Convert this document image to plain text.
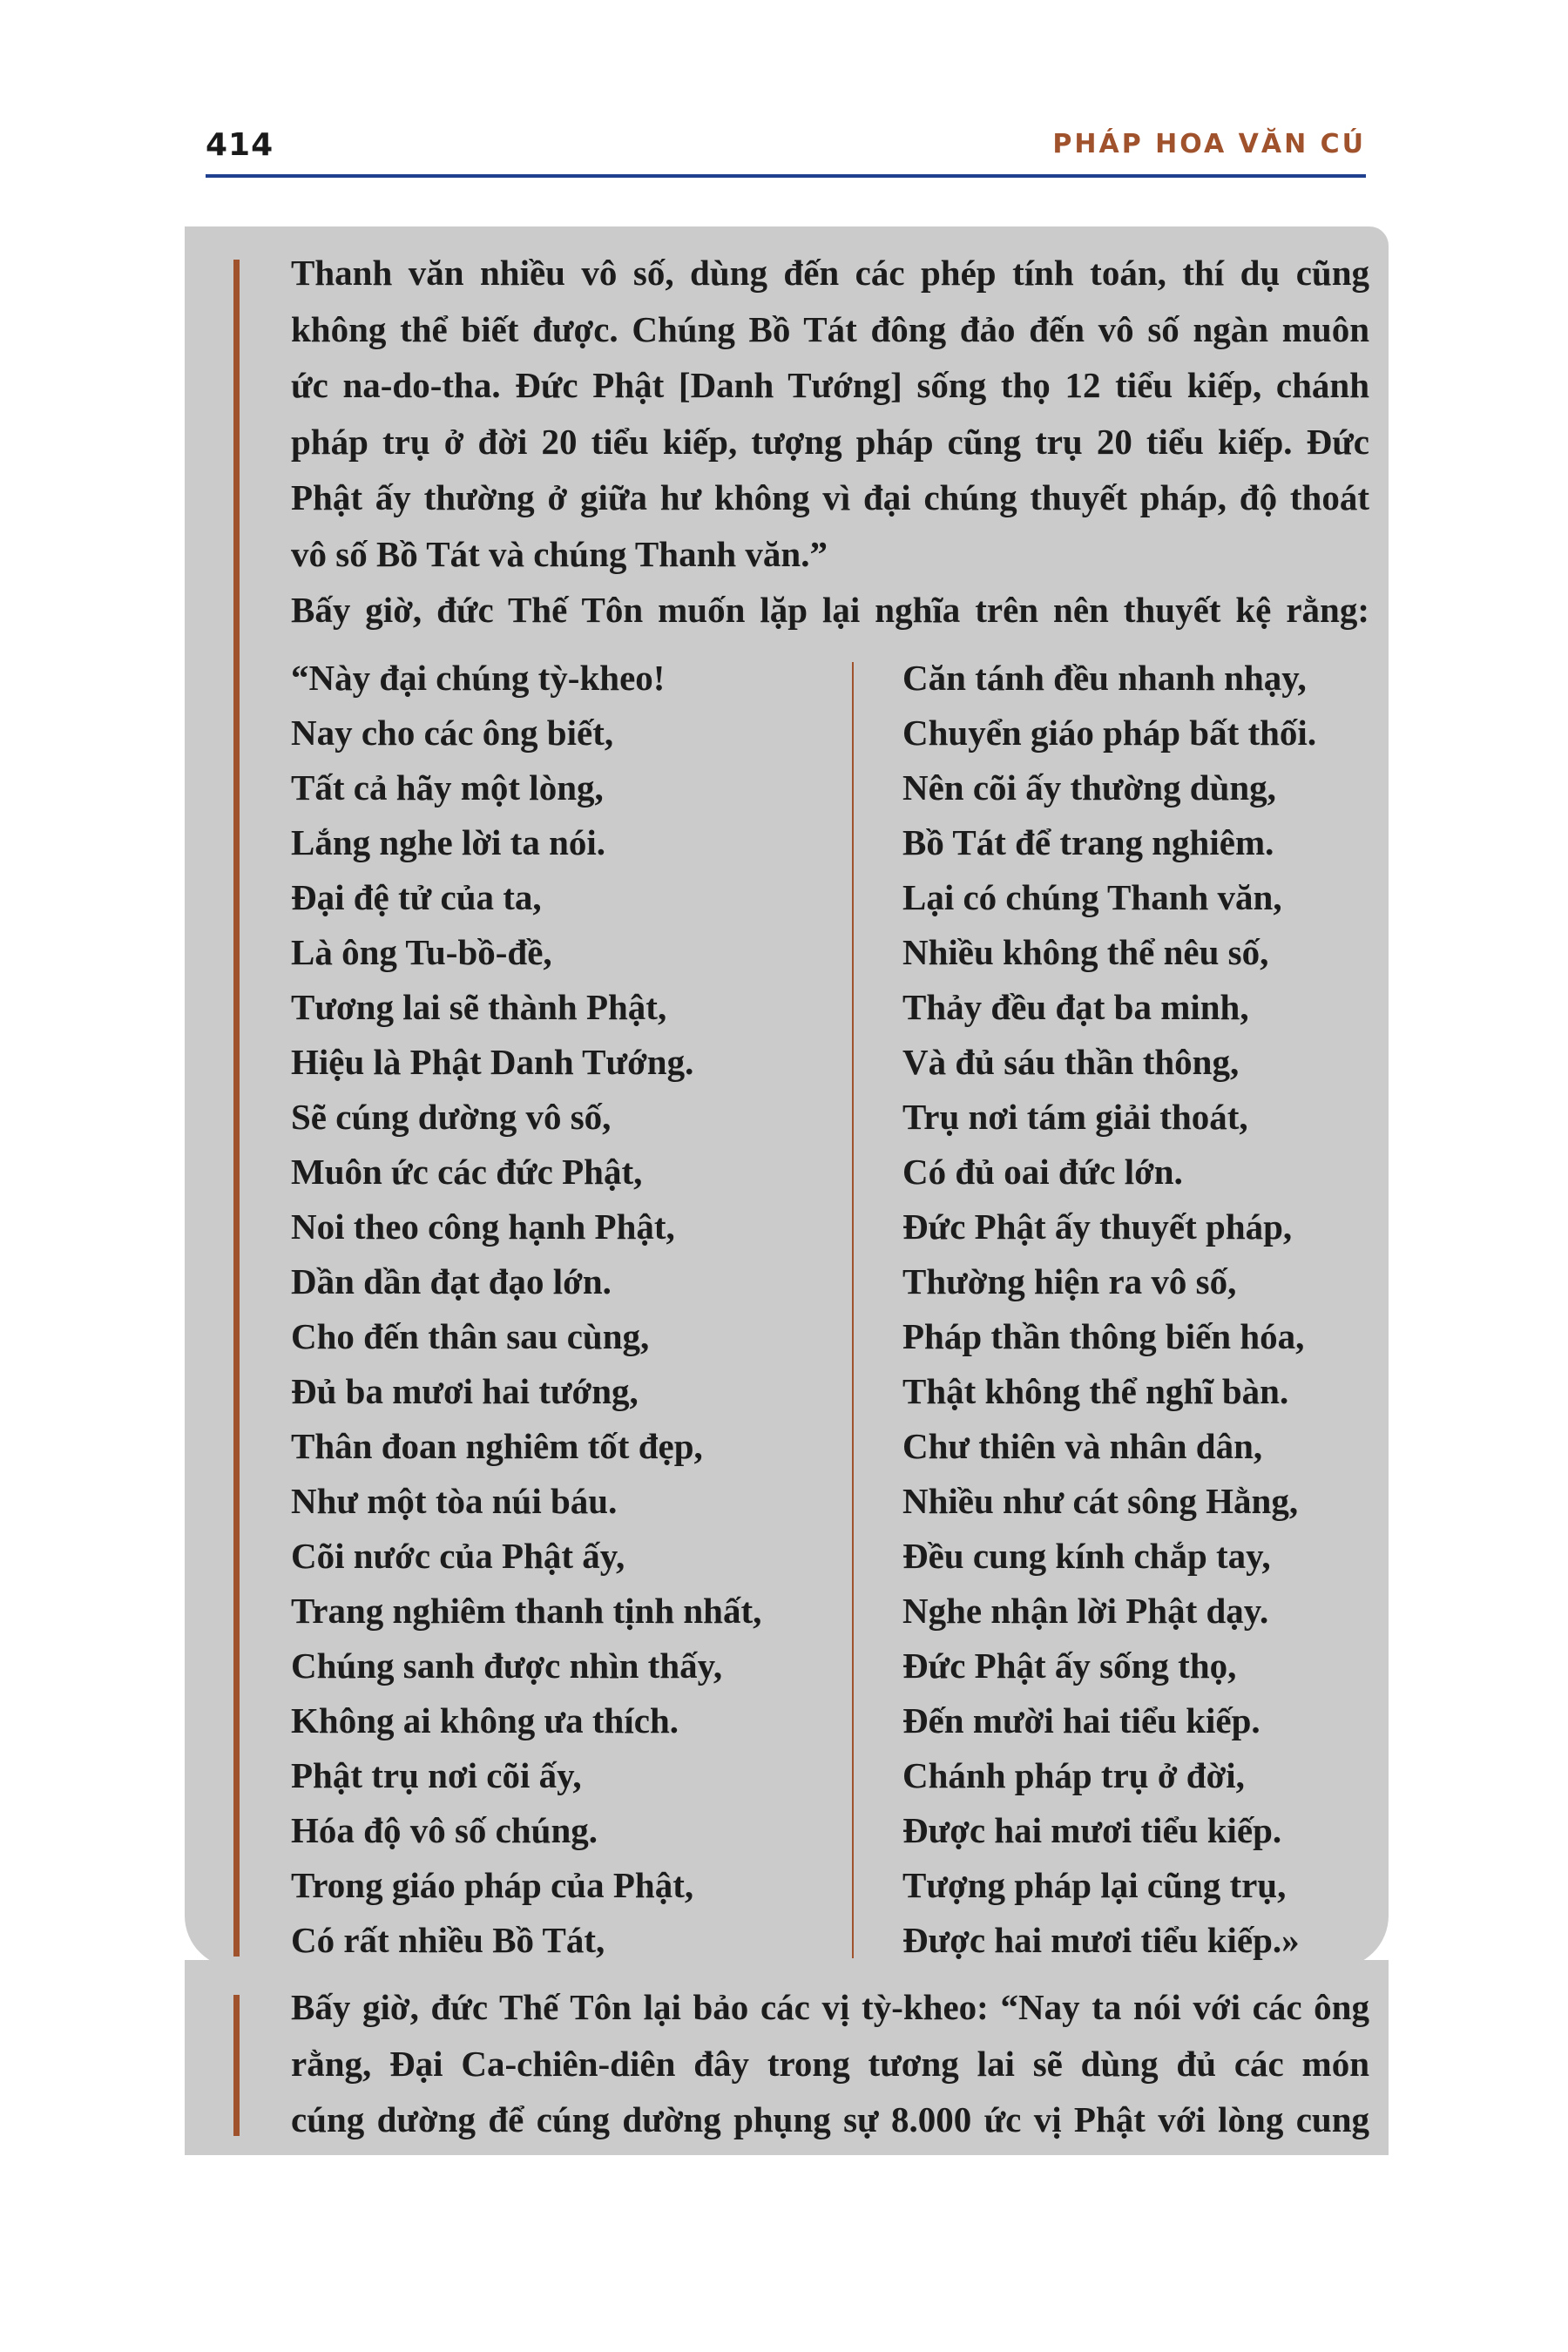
414	PHÁP HOA VĂN CÚ
Thanh văn nhiều vô số, dùng đến các phép tính toán, thí dụ cũng
không thể biết được. Chúng Bồ Tát đông đảo đến vô số ngàn muôn
ức na-do-tha. Đức Phật [Danh Tướng] sống thọ 12 tiểu kiếp, chánh
pháp trụ ở đời 20 tiểu kiếp, tượng pháp cũng trụ 20 tiểu kiếp. Đức
Phật ấy thường ở giữa hư không vì đại chúng thuyết pháp, độ thoát
vô số Bồ Tát và chúng Thanh văn.”
Bấy giờ, đức Thế Tôn muốn lặp lại nghĩa trên nên thuyết kệ rằng:
“Này đại chúng tỳ-kheo!
Nay cho các ông biết,
Tất cả hãy một lòng,
Lắng nghe lời ta nói.
Đại đệ tử của ta,
Là ông Tu-bồ-đề,
Tương lai sẽ thành Phật,
Hiệu là Phật Danh Tướng.
Sẽ cúng dường vô số,
Muôn ức các đức Phật,
Noi theo công hạnh Phật,
Dần dần đạt đạo lớn.
Cho đến thân sau cùng,
Đủ ba mươi hai tướng,
Thân đoan nghiêm tốt đẹp,
Như một tòa núi báu.
Cõi nước của Phật ấy,
Trang nghiêm thanh tịnh nhất,
Chúng sanh được nhìn thấy,
Không ai không ưa thích.
Phật trụ nơi cõi ấy,
Hóa độ vô số chúng.
Trong giáo pháp của Phật,
Có rất nhiều Bồ Tát,
Căn tánh đều nhanh nhạy,
Chuyển giáo pháp bất thối.
Nên cõi ấy thường dùng,
Bồ Tát để trang nghiêm.
Lại có chúng Thanh văn,
Nhiều không thể nêu số,
Thảy đều đạt ba minh,
Và đủ sáu thần thông,
Trụ nơi tám giải thoát,
Có đủ oai đức lớn.
Đức Phật ấy thuyết pháp,
Thường hiện ra vô số,
Pháp thần thông biến hóa,
Thật không thể nghĩ bàn.
Chư thiên và nhân dân,
Nhiều như cát sông Hằng,
Đều cung kính chắp tay,
Nghe nhận lời Phật dạy.
Đức Phật ấy sống thọ,
Đến mười hai tiểu kiếp.
Chánh pháp trụ ở đời,
Được hai mươi tiểu kiếp.
Tượng pháp lại cũng trụ,
Được hai mươi tiểu kiếp.»
Bấy giờ, đức Thế Tôn lại bảo các vị tỳ-kheo: “Nay ta nói với các ông
rằng, Đại Ca-chiên-diên đây trong tương lai sẽ dùng đủ các món
cúng dường để cúng dường phụng sự 8.000 ức vị Phật với lòng cung
